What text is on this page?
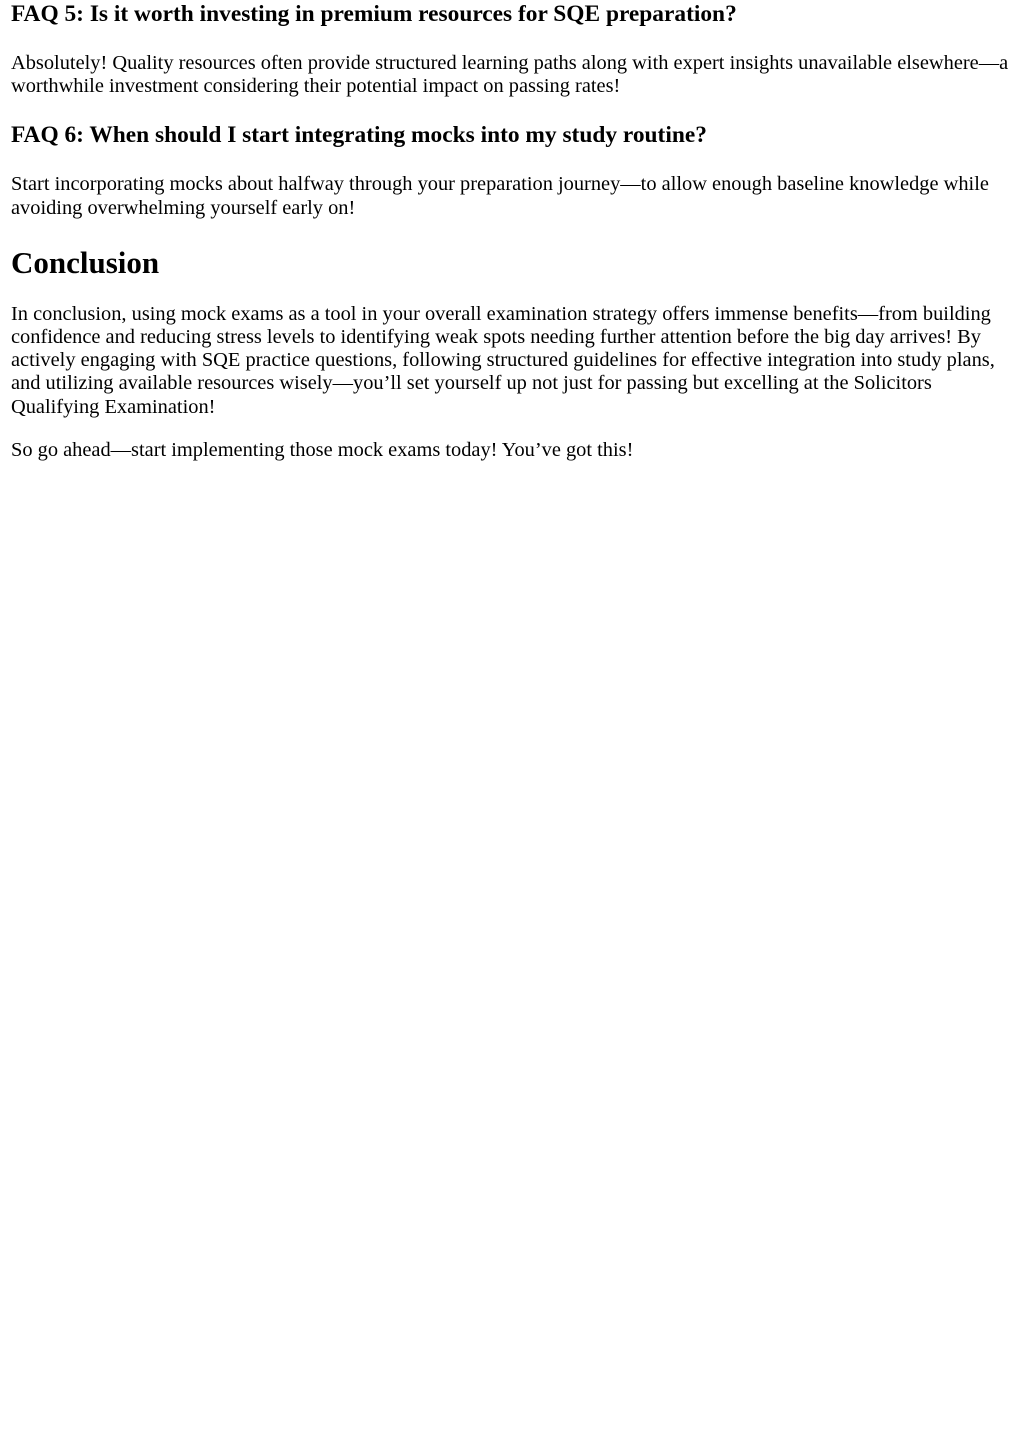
FAQ 5: Is it worth investing in premium resources for SQE preparation?

Absolutely! Quality resources often provide structured learning paths along with expert insights unavailable elsewhere—a worthwhile investment considering their potential impact on passing rates!

FAQ 6: When should I start integrating mocks into my study routine?

Start incorporating mocks about halfway through your preparation journey—to allow enough baseline knowledge while avoiding overwhelming yourself early on!

Conclusion

In conclusion, using mock exams as a tool in your overall examination strategy offers immense benefits—from building confidence and reducing stress levels to identifying weak spots needing further attention before the big day arrives! By actively engaging with SQE practice questions, following structured guidelines for effective integration into study plans, and utilizing available resources wisely—you’ll set yourself up not just for passing but excelling at the Solicitors Qualifying Examination!

So go ahead—start implementing those mock exams today! You’ve got this!
